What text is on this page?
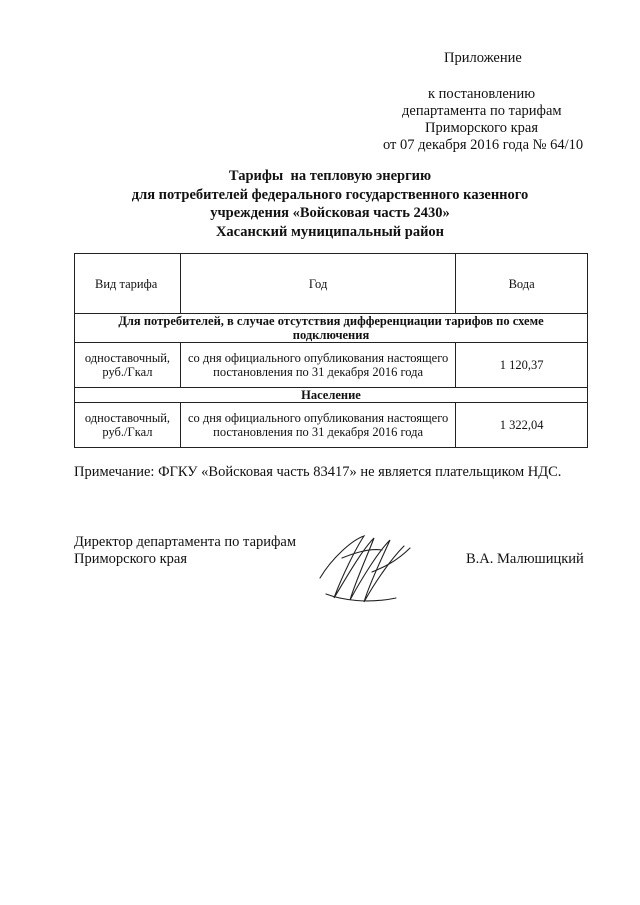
Приложение
к постановлению
департамента по тарифам
Приморского края
от 07 декабря 2016 года № 64/10
Тарифы  на тепловую энергию
для потребителей федерального государственного казенного
учреждения «Войсковая часть 2430»
Хасанский муниципальный район
Вид тарифа	Год	Вода
Для потребителей, в случае отсутствия дифференциации тарифов по схеме подключения		
одноставочный, руб./Гкал	со дня официального опубликования настоящего постановления по 31 декабря 2016 года	1 120,37
Население		
одноставочный, руб./Гкал	со дня официального опубликования настоящего постановления по 31 декабря 2016 года	1 322,04
Примечание: ФГКУ «Войсковая часть 83417» не является плательщиком НДС.
Директор департамента по тарифам
Приморского края	В.А. Малюшицкий
